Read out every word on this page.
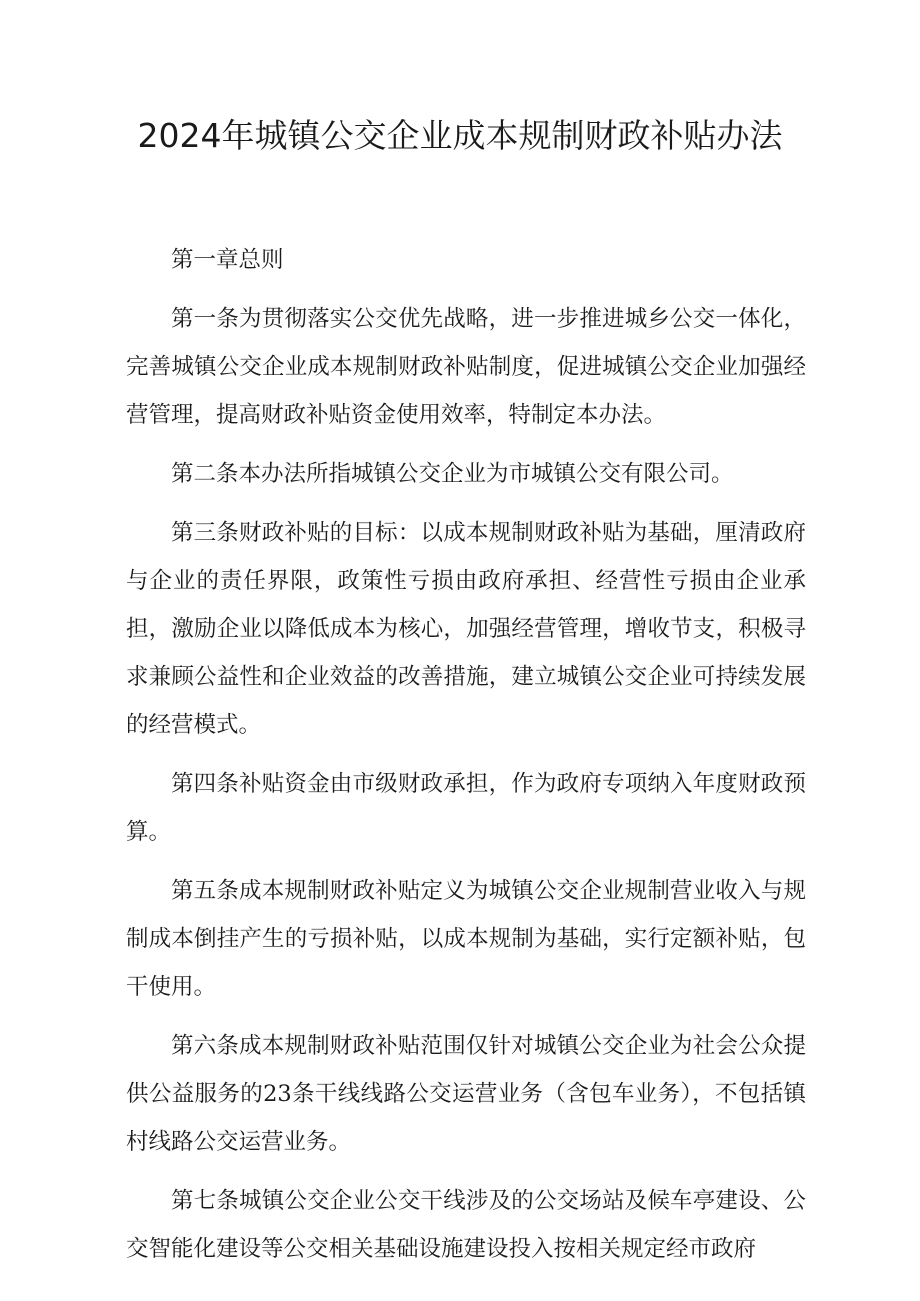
2024年城镇公交企业成本规制财政补贴办法

第一章总则

第一条为贯彻落实公交优先战略，进一步推进城乡公交一体化，完善城镇公交企业成本规制财政补贴制度，促进城镇公交企业加强经营管理，提高财政补贴资金使用效率，特制定本办法。

第二条本办法所指城镇公交企业为市城镇公交有限公司。

第三条财政补贴的目标：以成本规制财政补贴为基础，厘清政府与企业的责任界限，政策性亏损由政府承担、经营性亏损由企业承担，激励企业以降低成本为核心，加强经营管理，增收节支，积极寻求兼顾公益性和企业效益的改善措施，建立城镇公交企业可持续发展的经营模式。

第四条补贴资金由市级财政承担，作为政府专项纳入年度财政预算。

第五条成本规制财政补贴定义为城镇公交企业规制营业收入与规制成本倒挂产生的亏损补贴，以成本规制为基础，实行定额补贴，包干使用。

第六条成本规制财政补贴范围仅针对城镇公交企业为社会公众提供公益服务的23条干线线路公交运营业务（含包车业务），不包括镇村线路公交运营业务。

第七条城镇公交企业公交干线涉及的公交场站及候车亭建设、公交智能化建设等公交相关基础设施建设投入按相关规定经市政府
